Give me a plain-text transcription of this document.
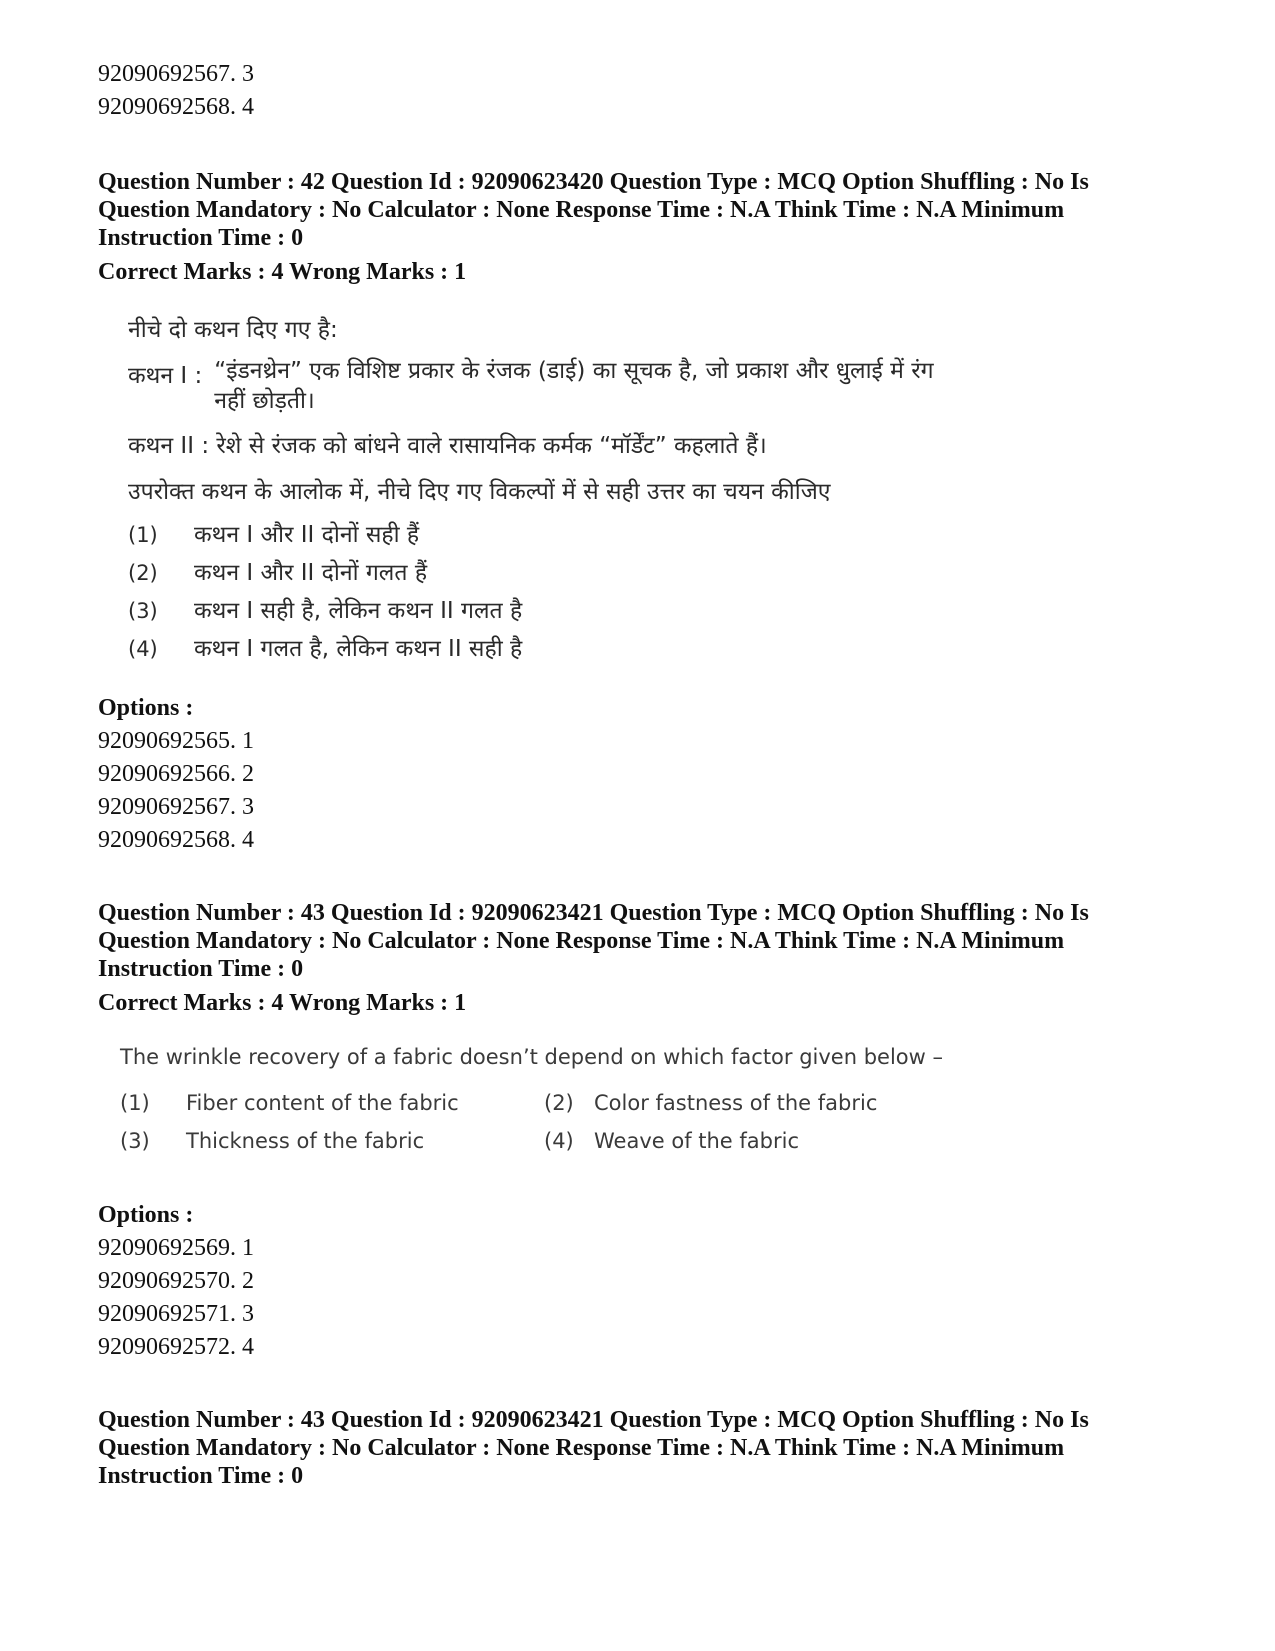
92090692567. 3
92090692568. 4

Question Number : 42 Question Id : 92090623420 Question Type : MCQ Option Shuffling : No Is

Question Mandatory : No Calculator : None Response Time : N.A Think Time : N.A Minimum

Instruction Time : 0

Correct Marks : 4 Wrong Marks : 1
नीचे दो कथन दिए गए है:
कथन I : “इंडनथ्रेन” एक विशिष्ट प्रकार के रंजक (डाई) का सूचक है, जो प्रकाश और धुलाई में रंग
नहीं छोड़ती।
कथन II : रेशे से रंजक को बांधने वाले रासायनिक कर्मक “मॉर्डेंट” कहलाते हैं।
उपरोक्त कथन के आलोक में, नीचे दिए गए विकल्पों में से सही उत्तर का चयन कीजिए
(1)	कथन I और II दोनों सही हैं
(2)	कथन I और II दोनों गलत हैं
(3)	कथन I सही है, लेकिन कथन II गलत है
(4)	कथन I गलत है, लेकिन कथन II सही है
Options :
92090692565. 1
92090692566. 2
92090692567. 3
92090692568. 4

Question Number : 43 Question Id : 92090623421 Question Type : MCQ Option Shuffling : No Is

Question Mandatory : No Calculator : None Response Time : N.A Think Time : N.A Minimum

Instruction Time : 0

Correct Marks : 4 Wrong Marks : 1
The wrinkle recovery of a fabric doesn’t depend on which factor given below –
(1)	Fiber content of the fabric	(2) Color fastness of the fabric
(3)	Thickness of the fabric	(4) Weave of the fabric
Options :
92090692569. 1
92090692570. 2
92090692571. 3
92090692572. 4

Question Number : 43 Question Id : 92090623421 Question Type : MCQ Option Shuffling : No Is

Question Mandatory : No Calculator : None Response Time : N.A Think Time : N.A Minimum

Instruction Time : 0
